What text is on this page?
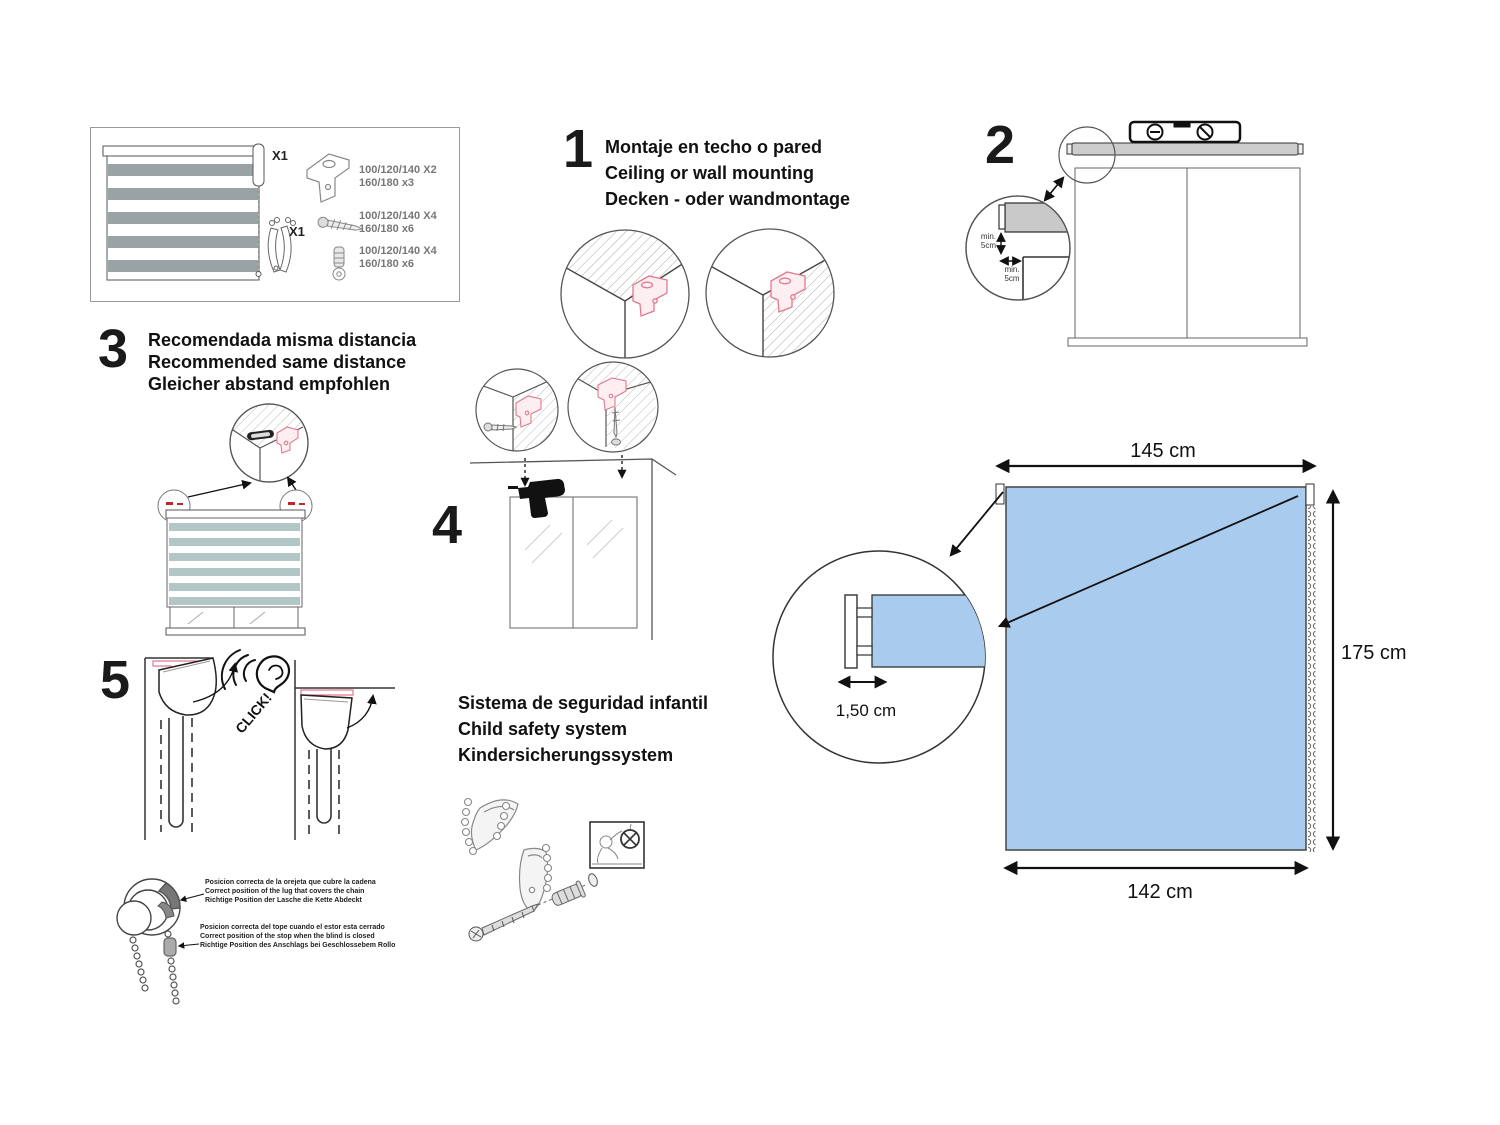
X1
X1
100/120/140 X2
160/180 x3
100/120/140 X4
160/180 x6
100/120/140 X4
160/180 x6
1 Montaje en techo o pared
Ceiling or wall mounting
Decken - oder wandmontage
2
min.
5cm
min.
5cm
3 Recomendada misma distancia
Recommended same distance
Gleicher abstand empfohlen
4
5
CLICK!
Posicion correcta de la orejeta que cubre la cadena
Correct position of the lug that covers the chain
Richtige Position der Lasche die Kette Abdeckt
Posicion correcta del tope cuando el estor esta cerrado
Correct position of the stop when the blind is closed
Richtige Position des Anschlags bei Geschlossebem Rollo
Sistema de seguridad infantil
Child safety system
Kindersicherungssystem
145 cm
175 cm
142 cm
1,50 cm
